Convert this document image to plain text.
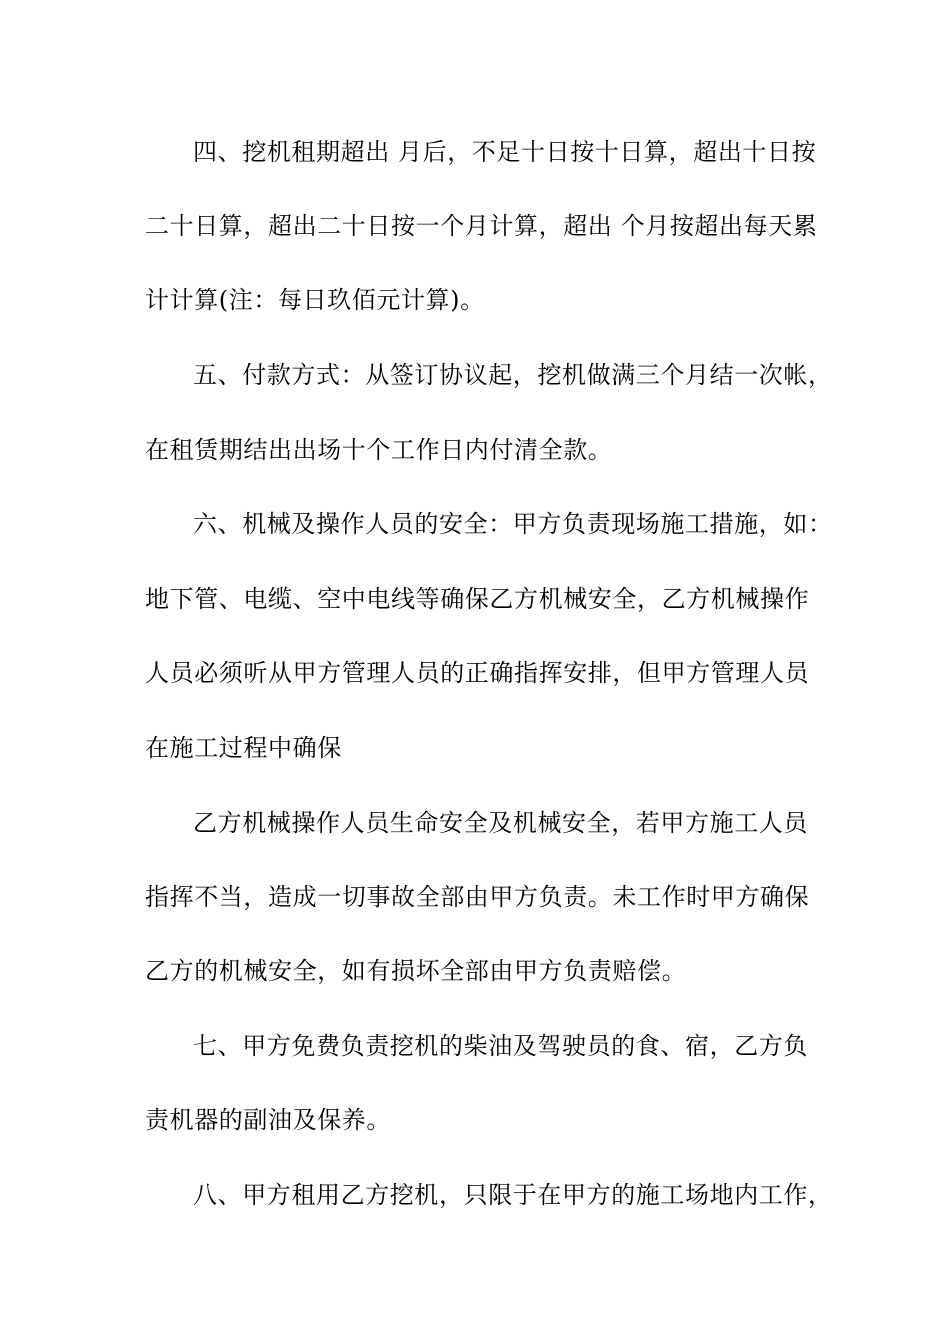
四、挖机租期超出 月后，不足十日按十日算，超出十日按
二十日算，超出二十日按一个月计算，超出 个月按超出每天累
计计算(注：每日玖佰元计算)。
五、付款方式：从签订协议起，挖机做满三个月结一次帐，
在租赁期结出出场十个工作日内付清全款。
六、机械及操作人员的安全：甲方负责现场施工措施，如：
地下管、电缆、空中电线等确保乙方机械安全，乙方机械操作
人员必须听从甲方管理人员的正确指挥安排，但甲方管理人员
在施工过程中确保
乙方机械操作人员生命安全及机械安全，若甲方施工人员
指挥不当，造成一切事故全部由甲方负责。未工作时甲方确保
乙方的机械安全，如有损坏全部由甲方负责赔偿。
七、甲方免费负责挖机的柴油及驾驶员的食、宿，乙方负
责机器的副油及保养。
八、甲方租用乙方挖机，只限于在甲方的施工场地内工作，
